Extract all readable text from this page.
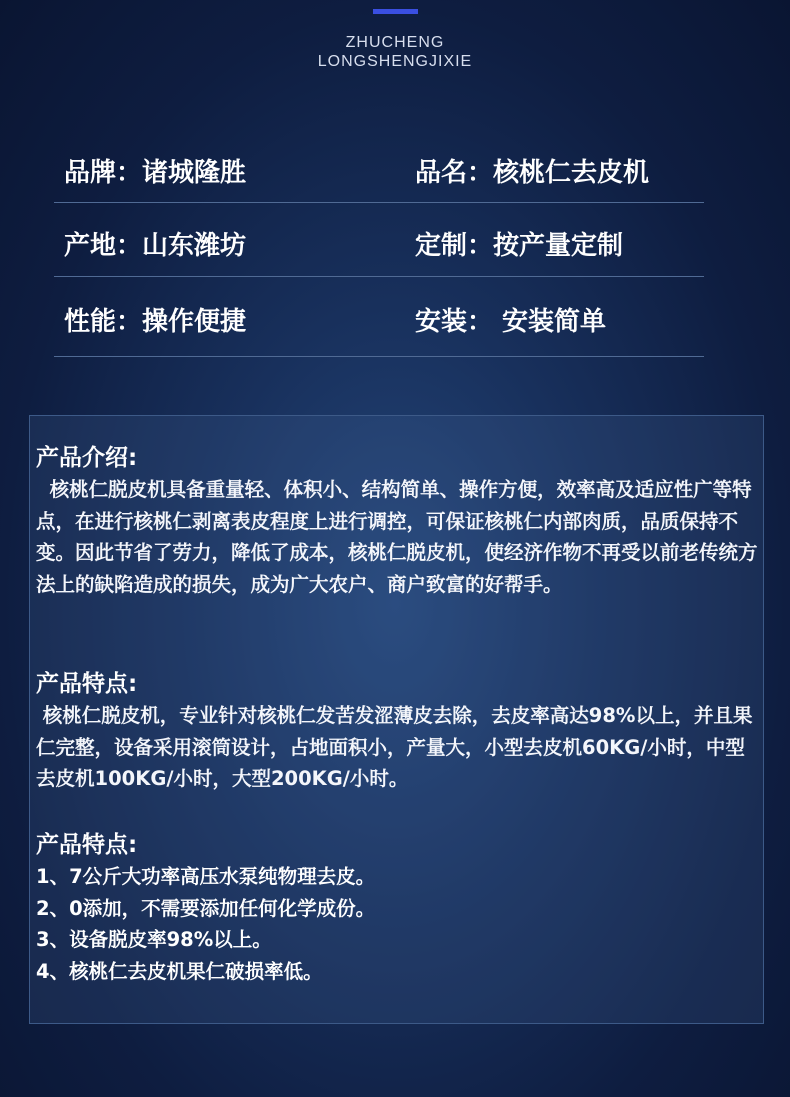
ZHUCHENG
LONGSHENGJIXIE
品牌：诸城隆胜	品名：核桃仁去皮机
产地：山东潍坊	定制：按产量定制
性能：操作便捷	安装： 安装简单
产品介绍:
核桃仁脱皮机具备重量轻、体积小、结构简单、操作方便，效率高及适应性广等特点，在进行核桃仁剥离表皮程度上进行调控，可保证核桃仁内部肉质，品质保持不变。因此节省了劳力，降低了成本，核桃仁脱皮机，使经济作物不再受以前老传统方法上的缺陷造成的损失，成为广大农户、商户致富的好帮手。
产品特点:
核桃仁脱皮机，专业针对核桃仁发苦发涩薄皮去除，去皮率高达98%以上，并且果仁完整，设备采用滚筒设计，占地面积小，产量大，小型去皮机60KG/小时，中型去皮机100KG/小时，大型200KG/小时。
产品特点:
1、7公斤大功率高压水泵纯物理去皮。
2、0添加，不需要添加任何化学成份。
3、设备脱皮率98%以上。
4、核桃仁去皮机果仁破损率低。
